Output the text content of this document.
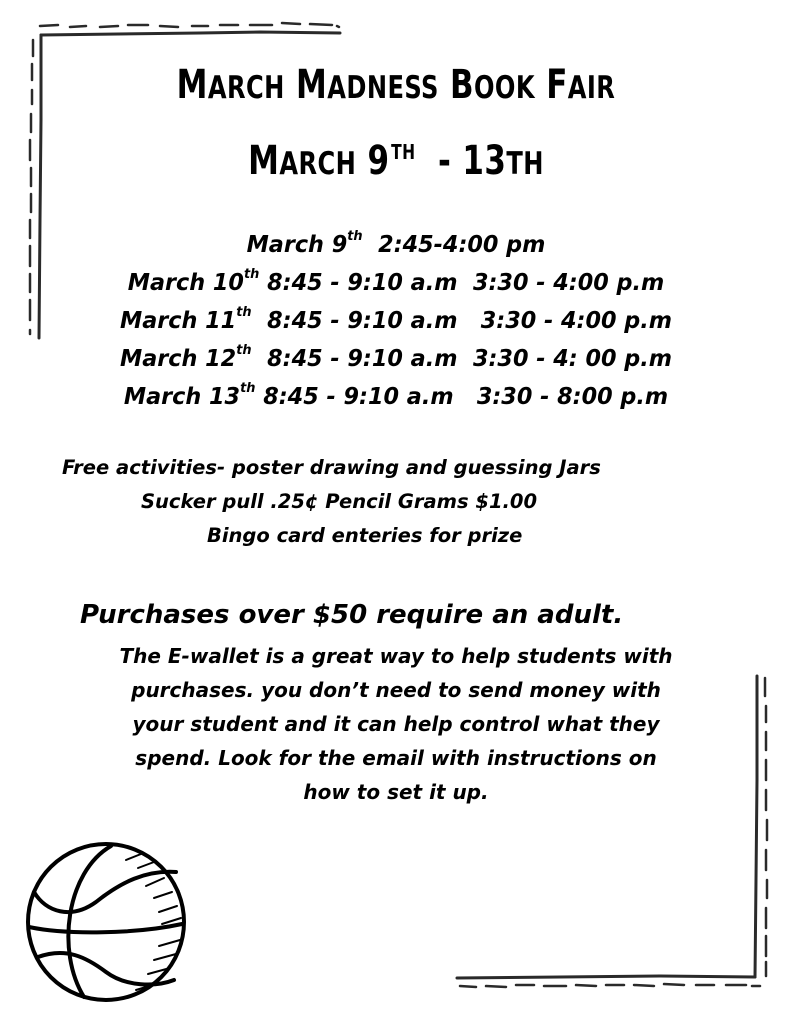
MARCH MADNESS BOOK FAIR
MARCH 9TH  - 13TH
March 9th  2:45-4:00 pm
March 10th 8:45 - 9:10 a.m  3:30 - 4:00 p.m
March 11th  8:45 - 9:10 a.m   3:30 - 4:00 p.m
March 12th  8:45 - 9:10 a.m  3:30 - 4: 00 p.m
March 13th 8:45 - 9:10 a.m   3:30 - 8:00 p.m
Free activities- poster drawing and guessing Jars
Sucker pull .25¢ Pencil Grams $1.00
Bingo card enteries for prize
Purchases over $50 require an adult.
The E-wallet is a great way to help students with
purchases. you don’t need to send money with
your student and it can help control what they
spend. Look for the email with instructions on
how to set it up.
